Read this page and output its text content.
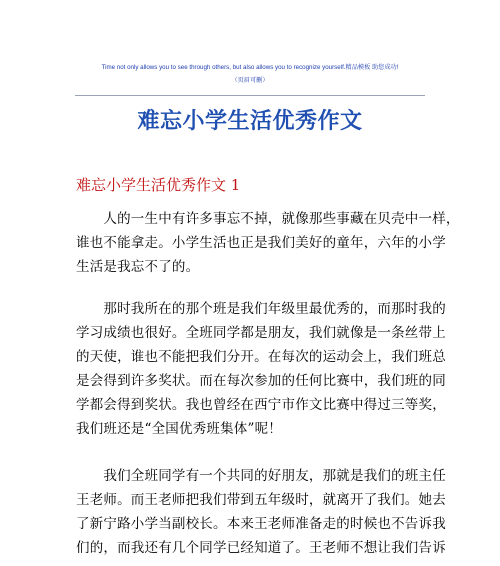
Time not only allows you to see through others, but also allows you to recognize yourself.精品模板 助您成功!
（页眉可删）
难忘小学生活优秀作文
难忘小学生活优秀作文 1

　　人的一生中有许多事忘不掉，就像那些事藏在贝壳中一样，
谁也不能拿走。小学生活也正是我们美好的童年，六年的小学
生活是我忘不了的。

　　那时我所在的那个班是我们年级里最优秀的，而那时我的
学习成绩也很好。全班同学都是朋友，我们就像是一条丝带上
的天使，谁也不能把我们分开。在每次的运动会上，我们班总
是会得到许多奖状。而在每次参加的任何比赛中，我们班的同
学都会得到奖状。我也曾经在西宁市作文比赛中得过三等奖，
我们班还是“全国优秀班集体”呢！

　　我们全班同学有一个共同的好朋友，那就是我们的班主任
王老师。而王老师把我们带到五年级时，就离开了我们。她去
了新宁路小学当副校长。本来王老师准备走的时候也不告诉我
们的，而我还有几个同学已经知道了。王老师不想让我们告诉
